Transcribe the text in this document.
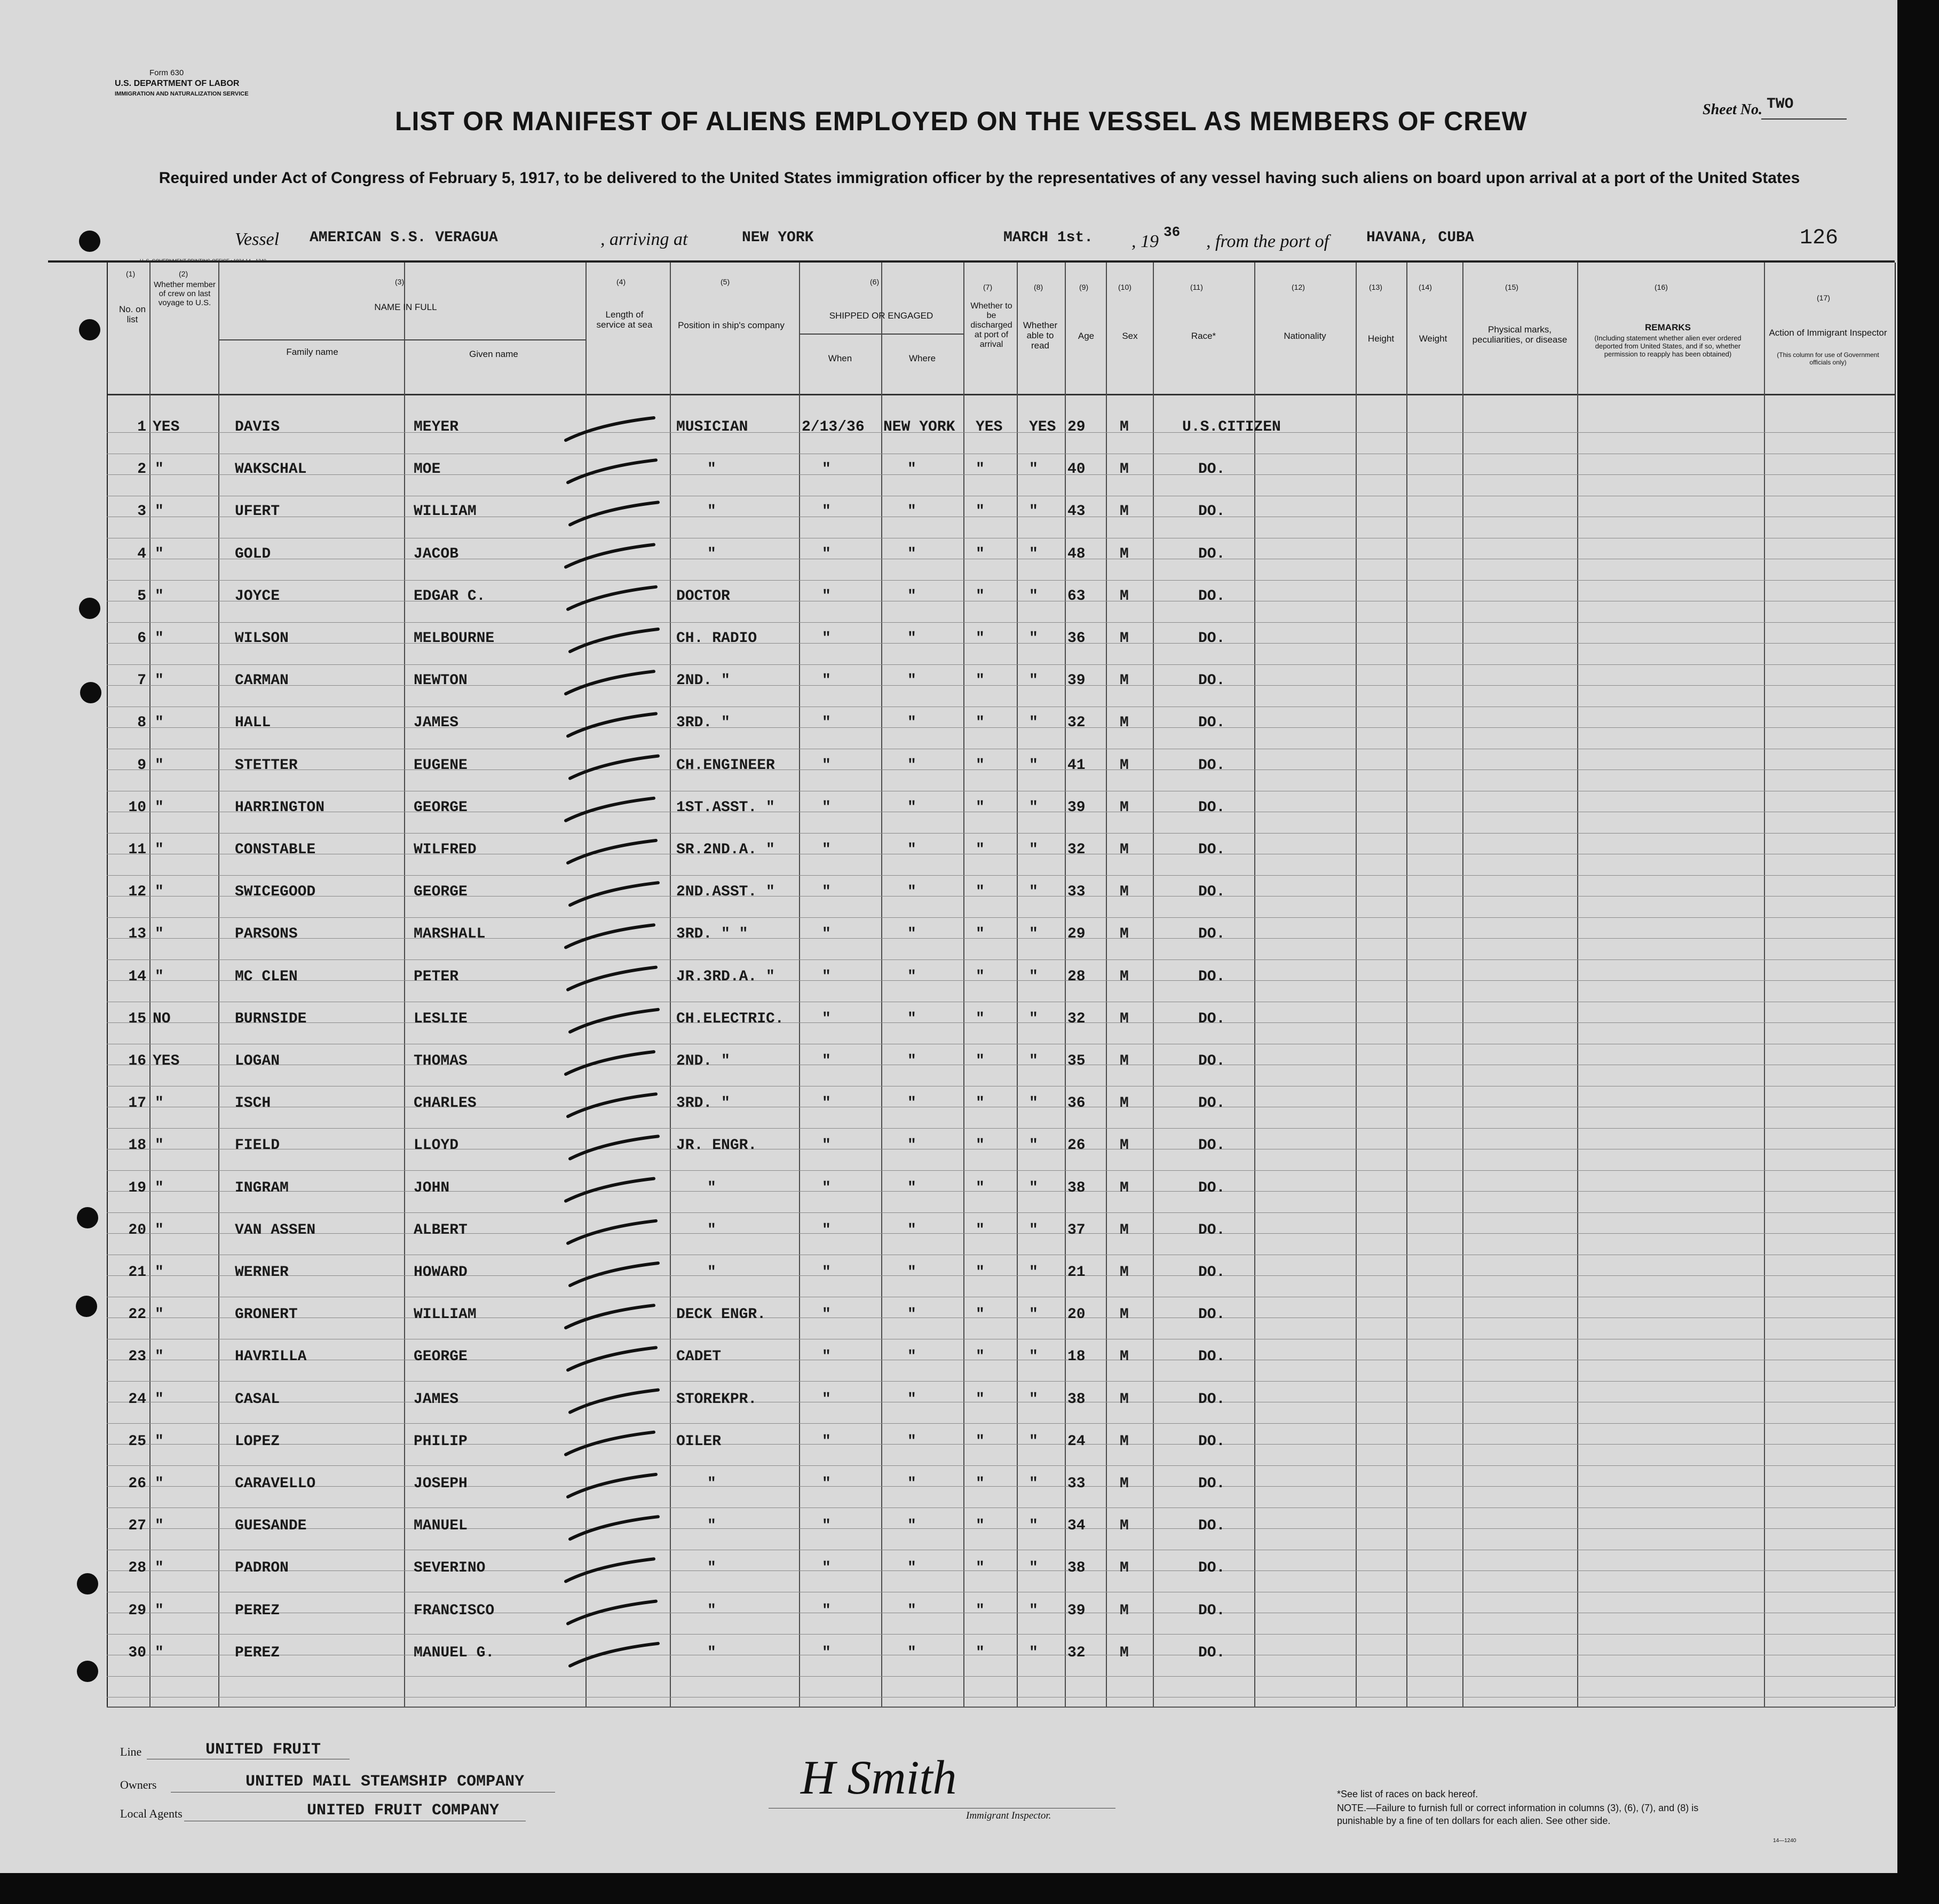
Form 630
U.S. DEPARTMENT OF LABOR
IMMIGRATION AND NATURALIZATION SERVICE
Sheet No. TWO
LIST OR MANIFEST OF ALIENS EMPLOYED ON THE VESSEL AS MEMBERS OF CREW
Required under Act of Congress of February 5, 1917, to be delivered to the United States immigration officer by the representatives of any vessel having such aliens on board upon arrival at a port of the United States
Vessel AMERICAN S.S. VERAGUA	, arriving at	NEW YORK	MARCH 1st. , 19 36 , from the port of HAVANA, CUBA	126
(1)
No. on list
(2)
Whether member of crew on last voyage to U.S.
(3)
NAME IN FULL
Family name	Given name
(4)
Length of service at sea
(5)
Position in ship's company
(6)
SHIPPED OR ENGAGED
When	Where
(7)
Whether to be discharged at port of arrival
(8)
Whether able to read
(9)
Age
(10)
Sex
(11)
Race*
(12)
Nationality
(13)
Height
(14)
Weight
(15)
Physical marks, peculiarities, or disease
(16)
REMARKS
(Including statement whether alien ever ordered deported from United States, and if so, whether permission to reapply has been obtained)
(17)
Action of Immigrant Inspector
(This column for use of Government officials only)
1 YES	DAVIS	MEYER	MUSICIAN	2/13/36 NEW YORK YES YES 29 M	U.S.CITIZEN
2 "	WAKSCHAL	MOE	"	"	"	"	" 40 M	DO.
3 "	UFERT	WILLIAM	"	"	"	"	" 43 M	DO.
4 "	GOLD	JACOB	"	"	"	"	" 48 M	DO.
5 "	JOYCE	EDGAR C.	DOCTOR	"	"	"	" 63 M	DO.
6 "	WILSON	MELBOURNE	CH. RADIO	"	"	"	" 36 M	DO.
7 "	CARMAN	NEWTON	2ND. "	"	"	"	" 39 M	DO.
8 "	HALL	JAMES	3RD. "	"	"	"	" 32 M	DO.
9 "	STETTER	EUGENE	CH.ENGINEER	"	"	"	" 41 M	DO.
10 "	HARRINGTON	GEORGE	1ST.ASST. "	"	"	"	" 39 M	DO.
11 "	CONSTABLE	WILFRED	SR.2ND.A. "	"	"	"	" 32 M	DO.
12 "	SWICEGOOD	GEORGE	2ND.ASST. "	"	"	"	" 33 M	DO.
13 "	PARSONS	MARSHALL	3RD. " "	"	"	"	" 29 M	DO.
14 "	MC CLEN	PETER	JR.3RD.A. "	"	"	"	" 28 M	DO.
15 NO	BURNSIDE	LESLIE	CH.ELECTRIC.	"	"	"	" 32 M	DO.
16 YES	LOGAN	THOMAS	2ND. "	"	"	"	" 35 M	DO.
17 "	ISCH	CHARLES	3RD. "	"	"	"	" 36 M	DO.
18 "	FIELD	LLOYD	JR. ENGR.	"	"	"	" 26 M	DO.
19 "	INGRAM	JOHN	"	"	"	"	" 38 M	DO.
20 "	VAN ASSEN	ALBERT	"	"	"	"	" 37 M	DO.
21 "	WERNER	HOWARD	"	"	"	"	" 21 M	DO.
22 "	GRONERT	WILLIAM	DECK ENGR.	"	"	"	" 20 M	DO.
23 "	HAVRILLA	GEORGE	CADET	"	"	"	" 18 M	DO.
24 "	CASAL	JAMES	STOREKPR.	"	"	"	" 38 M	DO.
25 "	LOPEZ	PHILIP	OILER	"	"	"	" 24 M	DO.
26 "	CARAVELLO	JOSEPH	"	"	"	"	" 33 M	DO.
27 "	GUESANDE	MANUEL	"	"	"	"	" 34 M	DO.
28 "	PADRON	SEVERINO	"	"	"	"	" 38 M	DO.
29 "	PEREZ	FRANCISCO	"	"	"	"	" 39 M	DO.
30 "	PEREZ	MANUEL G.	"	"	"	"	" 32 M	DO.
Line	UNITED FRUIT
Owners	UNITED MAIL STEAMSHIP COMPANY
Local Agents	UNITED FRUIT COMPANY
H Smith
Immigrant Inspector.
*See list of races on back hereof.
NOTE.—Failure to furnish full or correct information in columns (3), (6), (7), and (8) is punishable by a fine of ten dollars for each alien. See other side.
14—1240
